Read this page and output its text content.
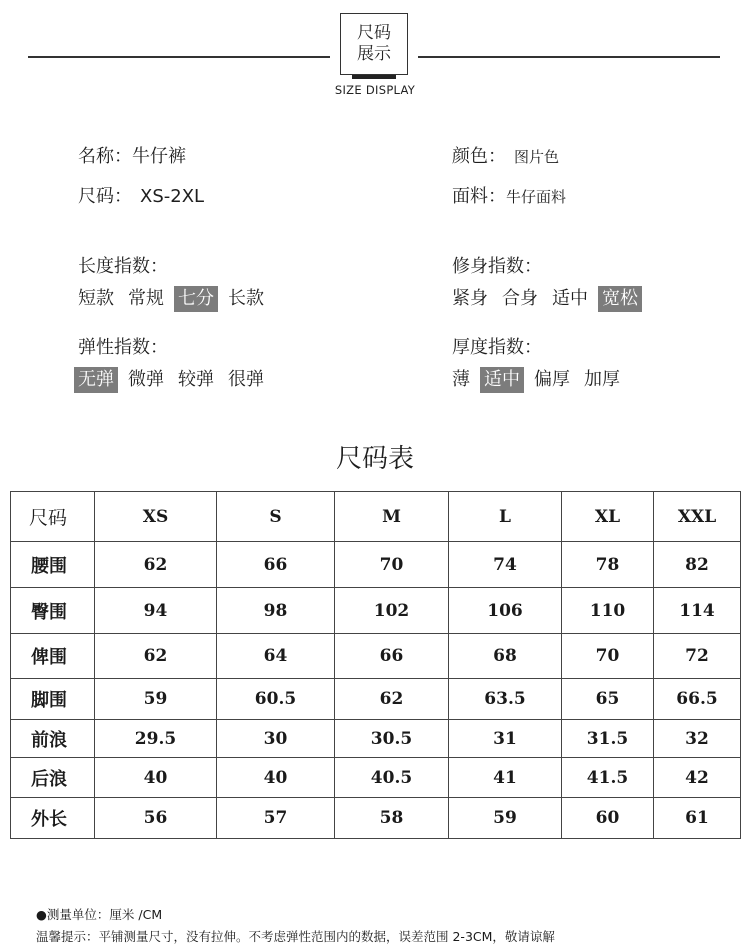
尺码
展示
SIZE DISPLAY
名称：牛仔裤	颜色： 图片色
尺码： XS-2XL	面料：牛仔面料
长度指数：
短款 常规 七分 长款
修身指数：
紧身 合身 适中 宽松
弹性指数：
无弹 微弹 较弹 很弹
厚度指数：
薄 适中 偏厚 加厚
尺码表
尺码	XS	S	M	L	XL	XXL
腰围	62	66	70	74	78	82
臀围	94	98	102	106	110	114
俾围	62	64	66	68	70	72
脚围	59	60.5	62	63.5	65	66.5
前浪	29.5	30	30.5	31	31.5	32
后浪	40	40	40.5	41	41.5	42
外长	56	57	58	59	60	61
●测量单位：厘米 /CM
温馨提示：平铺测量尺寸，没有拉伸。不考虑弹性范围内的数据，误差范围 2-3CM，敬请谅解
